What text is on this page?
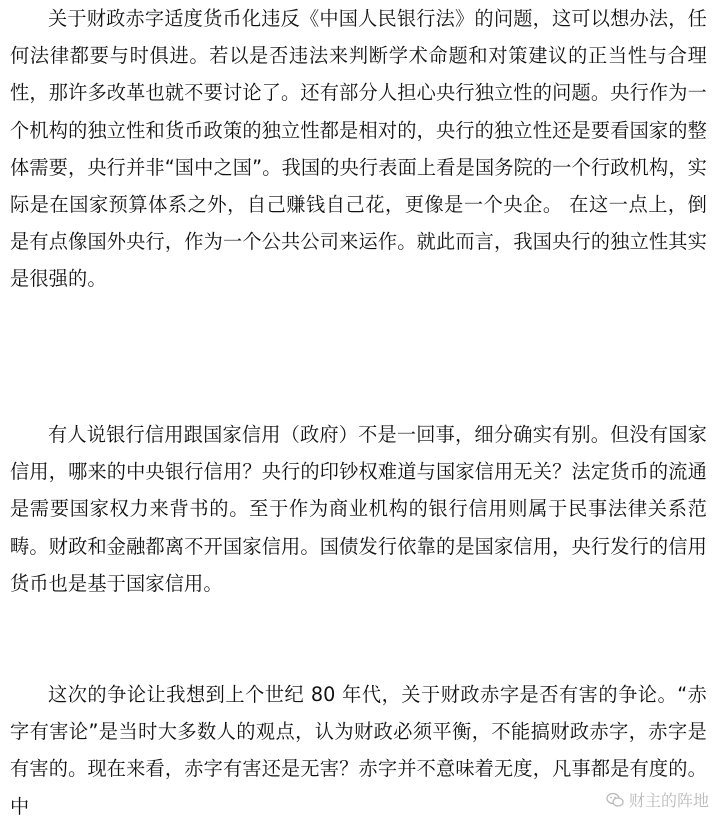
关于财政赤字适度货币化违反《中国人民银行法》的问题，这可以想办法，任何法律都要与时俱进。若以是否违法来判断学术命题和对策建议的正当性与合理性，那许多改革也就不要讨论了。还有部分人担心央行独立性的问题。央行作为一个机构的独立性和货币政策的独立性都是相对的，央行的独立性还是要看国家的整体需要，央行并非“国中之国”。我国的央行表面上看是国务院的一个行政机构，实际是在国家预算体系之外，自己赚钱自己花，更像是一个央企。 在这一点上，倒是有点像国外央行，作为一个公共公司来运作。就此而言，我国央行的独立性其实是很强的。

有人说银行信用跟国家信用（政府）不是一回事，细分确实有别。但没有国家信用，哪来的中央银行信用？央行的印钞权难道与国家信用无关？法定货币的流通是需要国家权力来背书的。至于作为商业机构的银行信用则属于民事法律关系范畴。财政和金融都离不开国家信用。国债发行依靠的是国家信用，央行发行的信用货币也是基于国家信用。

这次的争论让我想到上个世纪 80 年代，关于财政赤字是否有害的争论。“赤字有害论”是当时大多数人的观点，认为财政必须平衡，不能搞财政赤字，赤字是有害的。现在来看，赤字有害还是无害？赤字并不意味着无度，凡事都是有度的。中	财主的阵地
